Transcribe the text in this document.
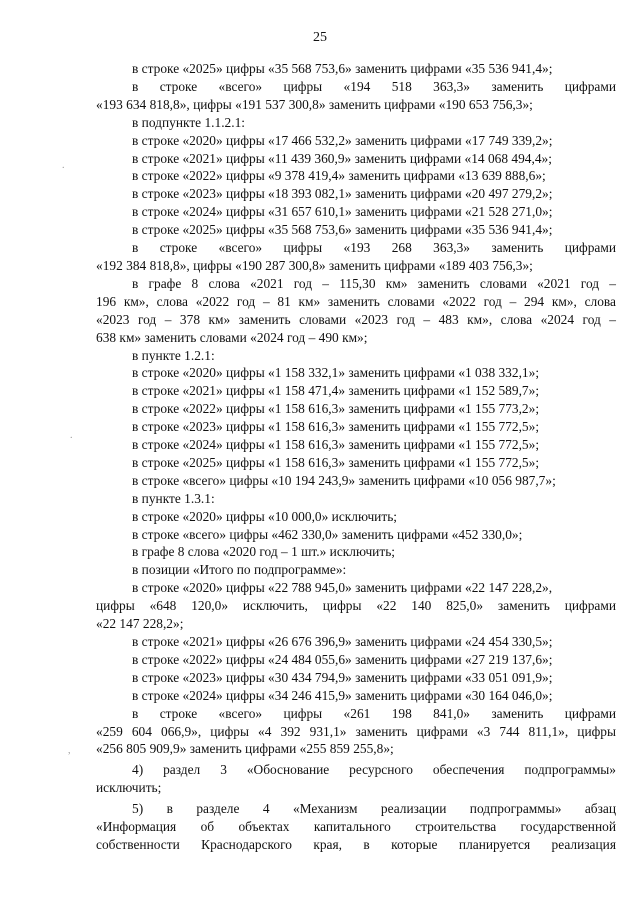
25
в строке «2025» цифры «35 568 753,6» заменить цифрами «35 536 941,4»;
в строке «всего» цифры «194 518 363,3» заменить цифрами
«193 634 818,8», цифры «191 537 300,8» заменить цифрами «190 653 756,3»;
в подпункте 1.1.2.1:
в строке «2020» цифры «17 466 532,2» заменить цифрами «17 749 339,2»;
в строке «2021» цифры «11 439 360,9» заменить цифрами «14 068 494,4»;
в строке «2022» цифры «9 378 419,4» заменить цифрами «13 639 888,6»;
в строке «2023» цифры «18 393 082,1» заменить цифрами «20 497 279,2»;
в строке «2024» цифры «31 657 610,1» заменить цифрами «21 528 271,0»;
в строке «2025» цифры «35 568 753,6» заменить цифрами «35 536 941,4»;
в строке «всего» цифры «193 268 363,3» заменить цифрами
«192 384 818,8», цифры «190 287 300,8» заменить цифрами «189 403 756,3»;
в графе 8 слова «2021 год – 115,30 км» заменить словами «2021 год –
196 км», слова «2022 год – 81 км» заменить словами «2022 год – 294 км», слова
«2023 год – 378 км» заменить словами «2023 год – 483 км», слова «2024 год –
638 км» заменить словами «2024 год – 490 км»;
в пункте 1.2.1:
в строке «2020» цифры «1 158 332,1» заменить цифрами «1 038 332,1»;
в строке «2021» цифры «1 158 471,4» заменить цифрами «1 152 589,7»;
в строке «2022» цифры «1 158 616,3» заменить цифрами «1 155 773,2»;
в строке «2023» цифры «1 158 616,3» заменить цифрами «1 155 772,5»;
в строке «2024» цифры «1 158 616,3» заменить цифрами «1 155 772,5»;
в строке «2025» цифры «1 158 616,3» заменить цифрами «1 155 772,5»;
в строке «всего» цифры «10 194 243,9» заменить цифрами «10 056 987,7»;
в пункте 1.3.1:
в строке «2020» цифры «10 000,0» исключить;
в строке «всего» цифры «462 330,0» заменить цифрами «452 330,0»;
в графе 8 слова «2020 год – 1 шт.» исключить;
в позиции «Итого по подпрограмме»:
в строке «2020» цифры «22 788 945,0» заменить цифрами «22 147 228,2»,
цифры «648 120,0» исключить, цифры «22 140 825,0» заменить цифрами
«22 147 228,2»;
в строке «2021» цифры «26 676 396,9» заменить цифрами «24 454 330,5»;
в строке «2022» цифры «24 484 055,6» заменить цифрами «27 219 137,6»;
в строке «2023» цифры «30 434 794,9» заменить цифрами «33 051 091,9»;
в строке «2024» цифры «34 246 415,9» заменить цифрами «30 164 046,0»;
в строке «всего» цифры «261 198 841,0» заменить цифрами
«259 604 066,9», цифры «4 392 931,1» заменить цифрами «3 744 811,1», цифры
«256 805 909,9» заменить цифрами «255 859 255,8»;
4) раздел 3 «Обоснование ресурсного обеспечения подпрограммы»
исключить;
5) в разделе 4 «Механизм реализации подпрограммы» абзац
«Информация об объектах капитального строительства государственной
собственности Краснодарского края, в которые планируется реализация
.
.
,
